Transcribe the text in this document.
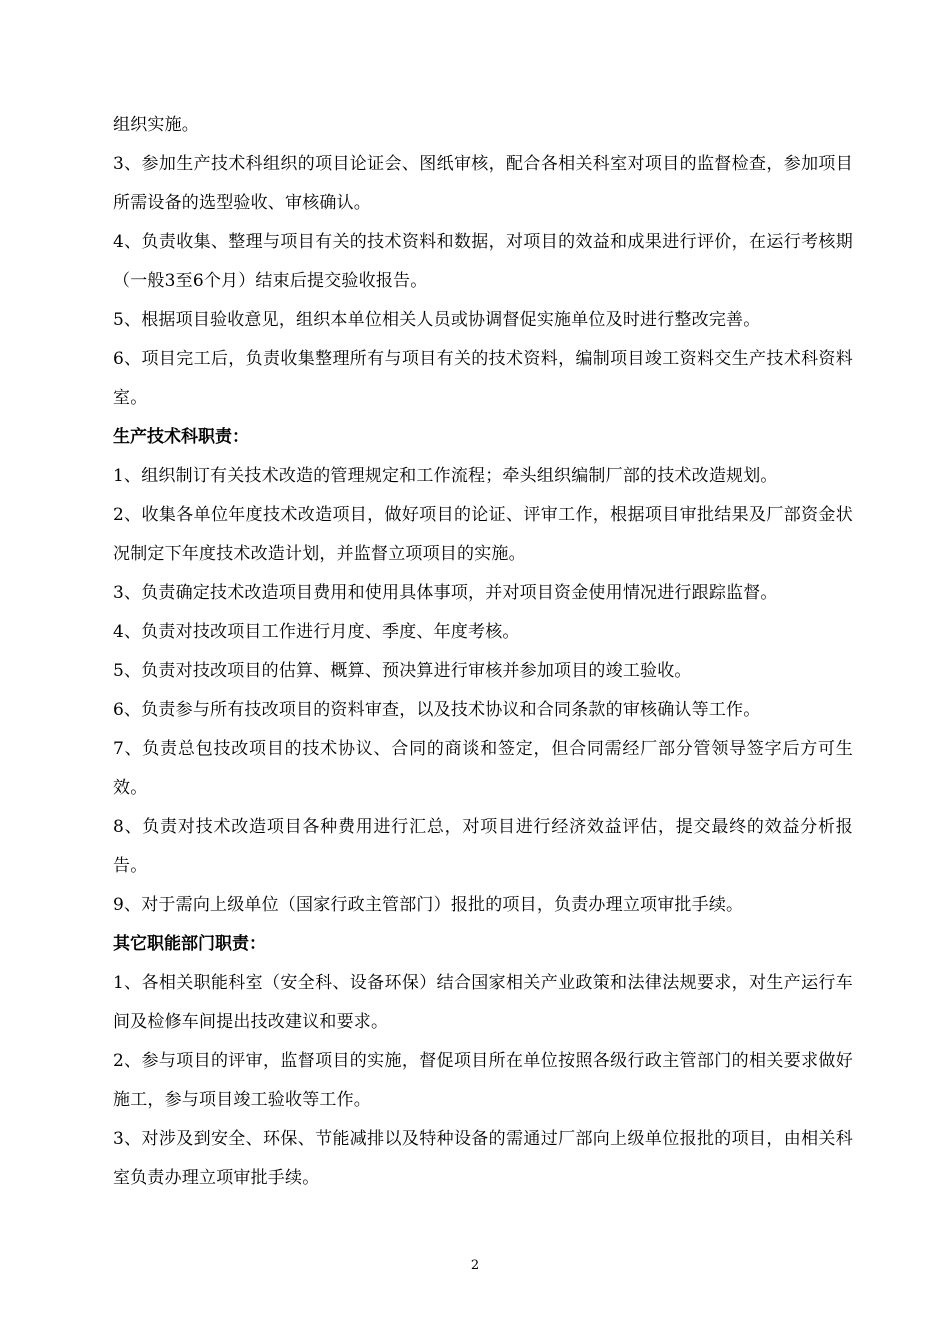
组织实施。

3、参加生产技术科组织的项目论证会、图纸审核，配合各相关科室对项目的监督检查，参加项目所需设备的选型验收、审核确认。

4、负责收集、整理与项目有关的技术资料和数据，对项目的效益和成果进行评价，在运行考核期（一般3至6个月）结束后提交验收报告。

5、根据项目验收意见，组织本单位相关人员或协调督促实施单位及时进行整改完善。

6、项目完工后，负责收集整理所有与项目有关的技术资料，编制项目竣工资料交生产技术科资料室。

生产技术科职责：

1、组织制订有关技术改造的管理规定和工作流程；牵头组织编制厂部的技术改造规划。

2、收集各单位年度技术改造项目，做好项目的论证、评审工作，根据项目审批结果及厂部资金状况制定下年度技术改造计划，并监督立项项目的实施。

3、负责确定技术改造项目费用和使用具体事项，并对项目资金使用情况进行跟踪监督。

4、负责对技改项目工作进行月度、季度、年度考核。

5、负责对技改项目的估算、概算、预决算进行审核并参加项目的竣工验收。

6、负责参与所有技改项目的资料审查，以及技术协议和合同条款的审核确认等工作。

7、负责总包技改项目的技术协议、合同的商谈和签定，但合同需经厂部分管领导签字后方可生效。

8、负责对技术改造项目各种费用进行汇总，对项目进行经济效益评估，提交最终的效益分析报告。

9、对于需向上级单位（国家行政主管部门）报批的项目，负责办理立项审批手续。

其它职能部门职责：

1、各相关职能科室（安全科、设备环保）结合国家相关产业政策和法律法规要求，对生产运行车间及检修车间提出技改建议和要求。

2、参与项目的评审，监督项目的实施，督促项目所在单位按照各级行政主管部门的相关要求做好施工，参与项目竣工验收等工作。

3、对涉及到安全、环保、节能减排以及特种设备的需通过厂部向上级单位报批的项目，由相关科室负责办理立项审批手续。

2
